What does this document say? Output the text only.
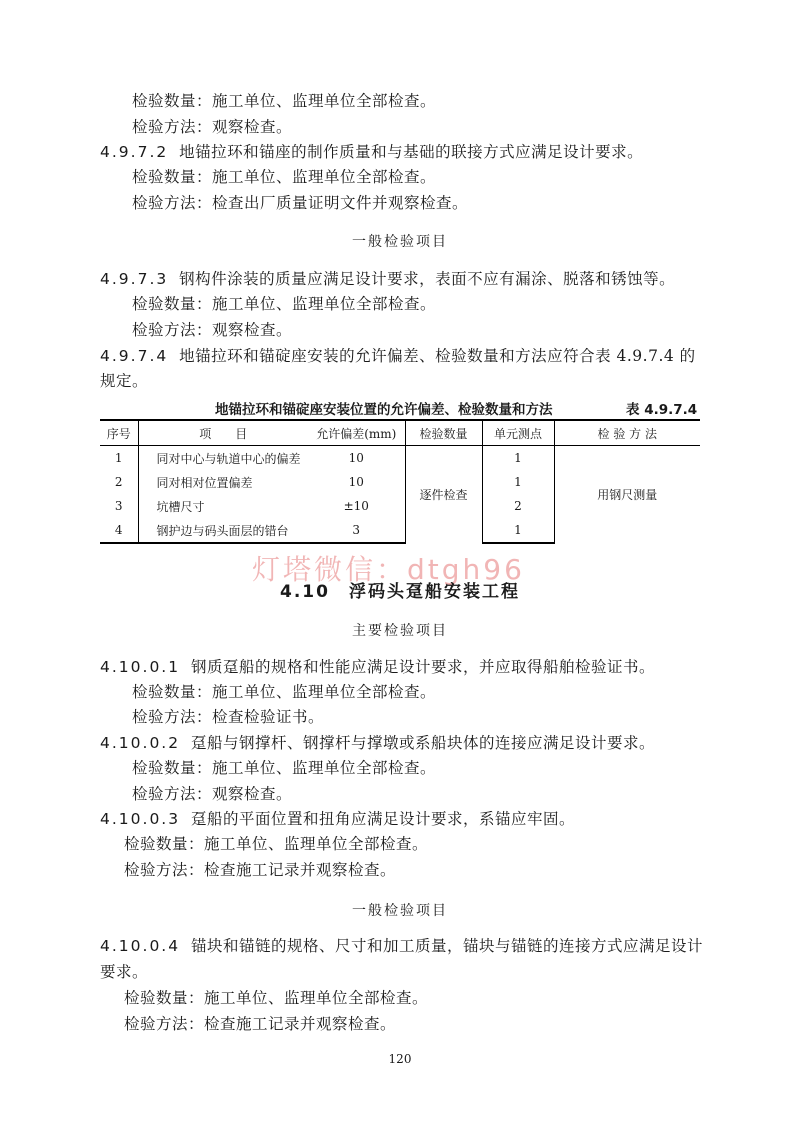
检验数量：施工单位、监理单位全部检查。
检验方法：观察检查。
4.9.7.2 地锚拉环和锚座的制作质量和与基础的联接方式应满足设计要求。
检验数量：施工单位、监理单位全部检查。
检验方法：检查出厂质量证明文件并观察检查。
一般检验项目
4.9.7.3 钢构件涂装的质量应满足设计要求，表面不应有漏涂、脱落和锈蚀等。
检验数量：施工单位、监理单位全部检查。
检验方法：观察检查。
4.9.7.4 地锚拉环和锚碇座安装的允许偏差、检验数量和方法应符合表 4.9.7.4 的
规定。
地锚拉环和锚碇座安装位置的允许偏差、检验数量和方法	表 4.9.7.4
序号	项　　目	允许偏差(mm)	检验数量	单元测点	检 验 方 法
1	同对中心与轨道中心的偏差	10	逐件检查	1	用钢尺测量
2	同对相对位置偏差	10		1	
3	坑槽尺寸	±10		2	
4	钢护边与码头面层的错台	3		1	
灯塔微信：dtgh96
4.10　浮码头趸船安装工程
主要检验项目
4.10.0.1 钢质趸船的规格和性能应满足设计要求，并应取得船舶检验证书。
检验数量：施工单位、监理单位全部检查。
检验方法：检查检验证书。
4.10.0.2 趸船与钢撑杆、钢撑杆与撑墩或系船块体的连接应满足设计要求。
检验数量：施工单位、监理单位全部检查。
检验方法：观察检查。
4.10.0.3 趸船的平面位置和扭角应满足设计要求，系锚应牢固。
检验数量：施工单位、监理单位全部检查。
检验方法：检查施工记录并观察检查。
一般检验项目
4.10.0.4 锚块和锚链的规格、尺寸和加工质量，锚块与锚链的连接方式应满足设计
要求。
检验数量：施工单位、监理单位全部检查。
检验方法：检查施工记录并观察检查。
120
